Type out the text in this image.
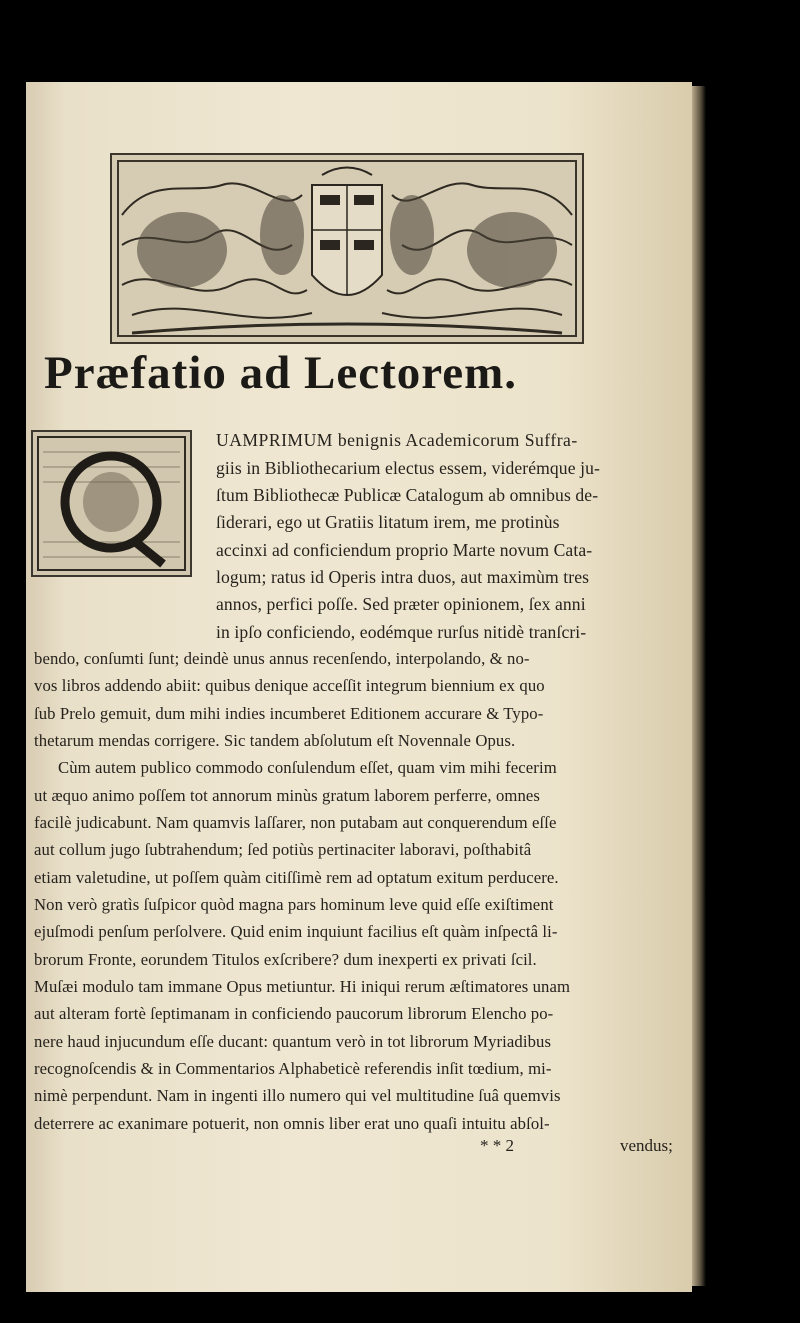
Præfatio ad Lectorem.
UAMPRIMUM benignis Academicorum Suffra-
giis in Bibliothecarium electus essem, viderémque ju-
ſtum Bibliothecæ Publicæ Catalogum ab omnibus de-
ſiderari, ego ut Gratiis litatum irem, me protinùs
accinxi ad conficiendum proprio Marte novum Cata-
logum; ratus id Operis intra duos, aut maximùm tres
annos, perfici poſſe. Sed præter opinionem, ſex anni
in ipſo conficiendo, eodémque rurſus nitidè tranſcri-
bendo, conſumti ſunt; deindè unus annus recenſendo, interpolando, & no-
vos libros addendo abiit: quibus denique acceſſit integrum biennium ex quo
ſub Prelo gemuit, dum mihi indies incumberet Editionem accurare & Typo-
thetarum mendas corrigere. Sic tandem abſolutum eſt Novennale Opus.
Cùm autem publico commodo conſulendum eſſet, quam vim mihi fecerim
ut æquo animo poſſem tot annorum minùs gratum laborem perferre, omnes
facilè judicabunt. Nam quamvis laſſarer, non putabam aut conquerendum eſſe
aut collum jugo ſubtrahendum; ſed potiùs pertinaciter laboravi, poſthabitâ
etiam valetudine, ut poſſem quàm citiſſimè rem ad optatum exitum perducere.
Non verò gratìs ſuſpicor quòd magna pars hominum leve quid eſſe exiſtiment
ejuſmodi penſum perſolvere. Quid enim inquiunt facilius eſt quàm inſpectâ li-
brorum Fronte, eorundem Titulos exſcribere? dum inexperti ex privati ſcil.
Muſæi modulo tam immane Opus metiuntur. Hi iniqui rerum æſtimatores unam
aut alteram fortè ſeptimanam in conficiendo paucorum librorum Elencho po-
nere haud injucundum eſſe ducant: quantum verò in tot librorum Myriadibus
recognoſcendis & in Commentarios Alphabeticè referendis inſit tœdium, mi-
nimè perpendunt. Nam in ingenti illo numero qui vel multitudine ſuâ quemvis
deterrere ac exanimare potuerit, non omnis liber erat uno quaſi intuitu abſol-
* * 2	vendus;
